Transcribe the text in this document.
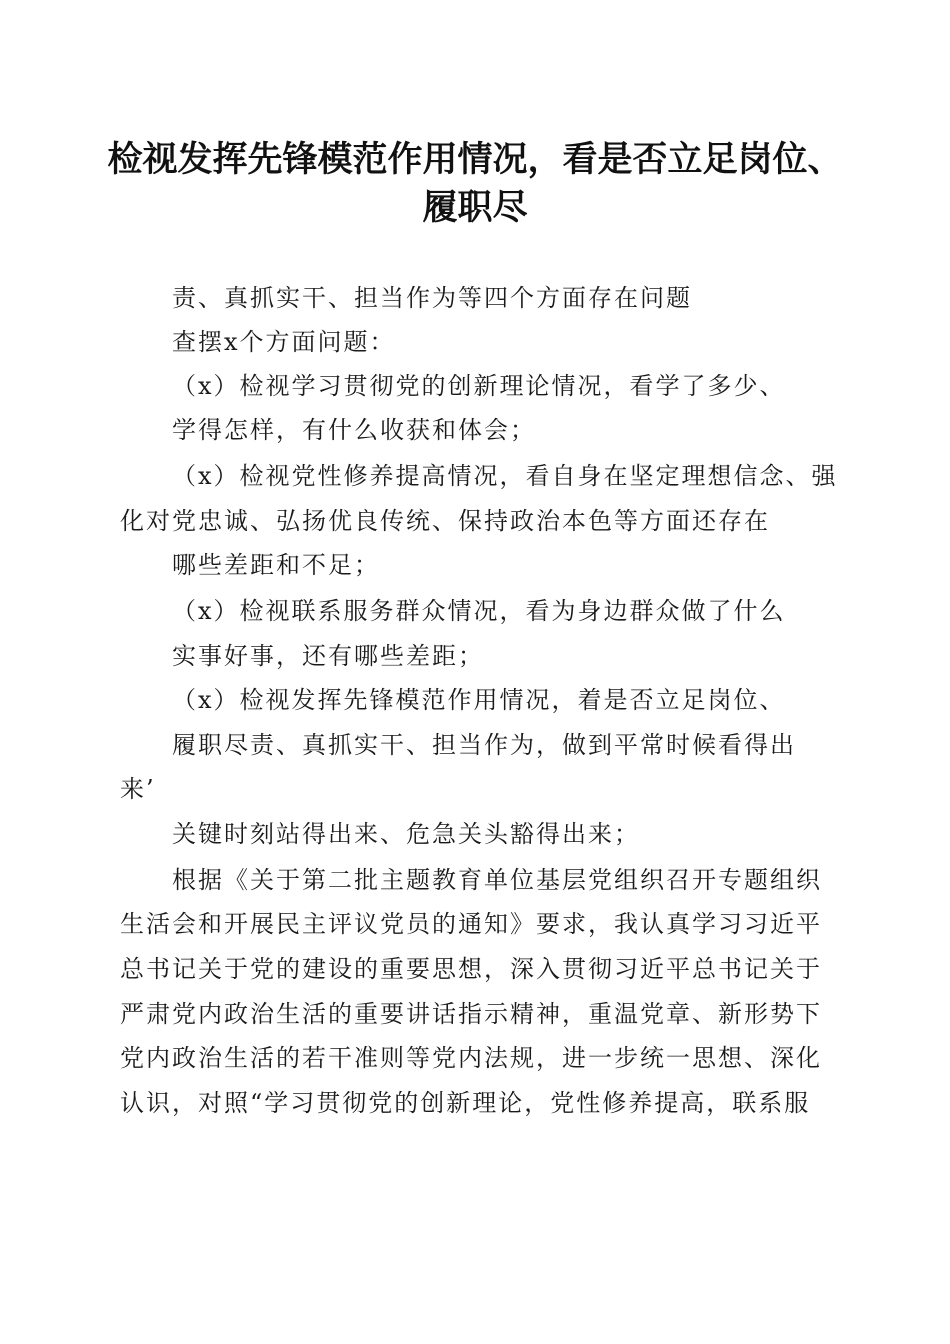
检视发挥先锋模范作用情况，看是否立足岗位、
履职尽
责、真抓实干、担当作为等四个方面存在问题
查摆x个方面问题：
（x）检视学习贯彻党的创新理论情况，看学了多少、
学得怎样，有什么收获和体会；
（x）检视党性修养提高情况，看自身在坚定理想信念、强
化对党忠诚、弘扬优良传统、保持政治本色等方面还存在
哪些差距和不足；
（x）检视联系服务群众情况，看为身边群众做了什么
实事好事，还有哪些差距；
（x）检视发挥先锋模范作用情况，着是否立足岗位、
履职尽责、真抓实干、担当作为，做到平常时候看得出
来’
关键时刻站得出来、危急关头豁得出来；
根据《关于第二批主题教育单位基层党组织召开专题组织
生活会和开展民主评议党员的通知》要求，我认真学习习近平
总书记关于党的建设的重要思想，深入贯彻习近平总书记关于
严肃党内政治生活的重要讲话指示精神，重温党章、新形势下
党内政治生活的若干准则等党内法规，进一步统一思想、深化
认识，对照“学习贯彻党的创新理论，党性修养提高，联系服
